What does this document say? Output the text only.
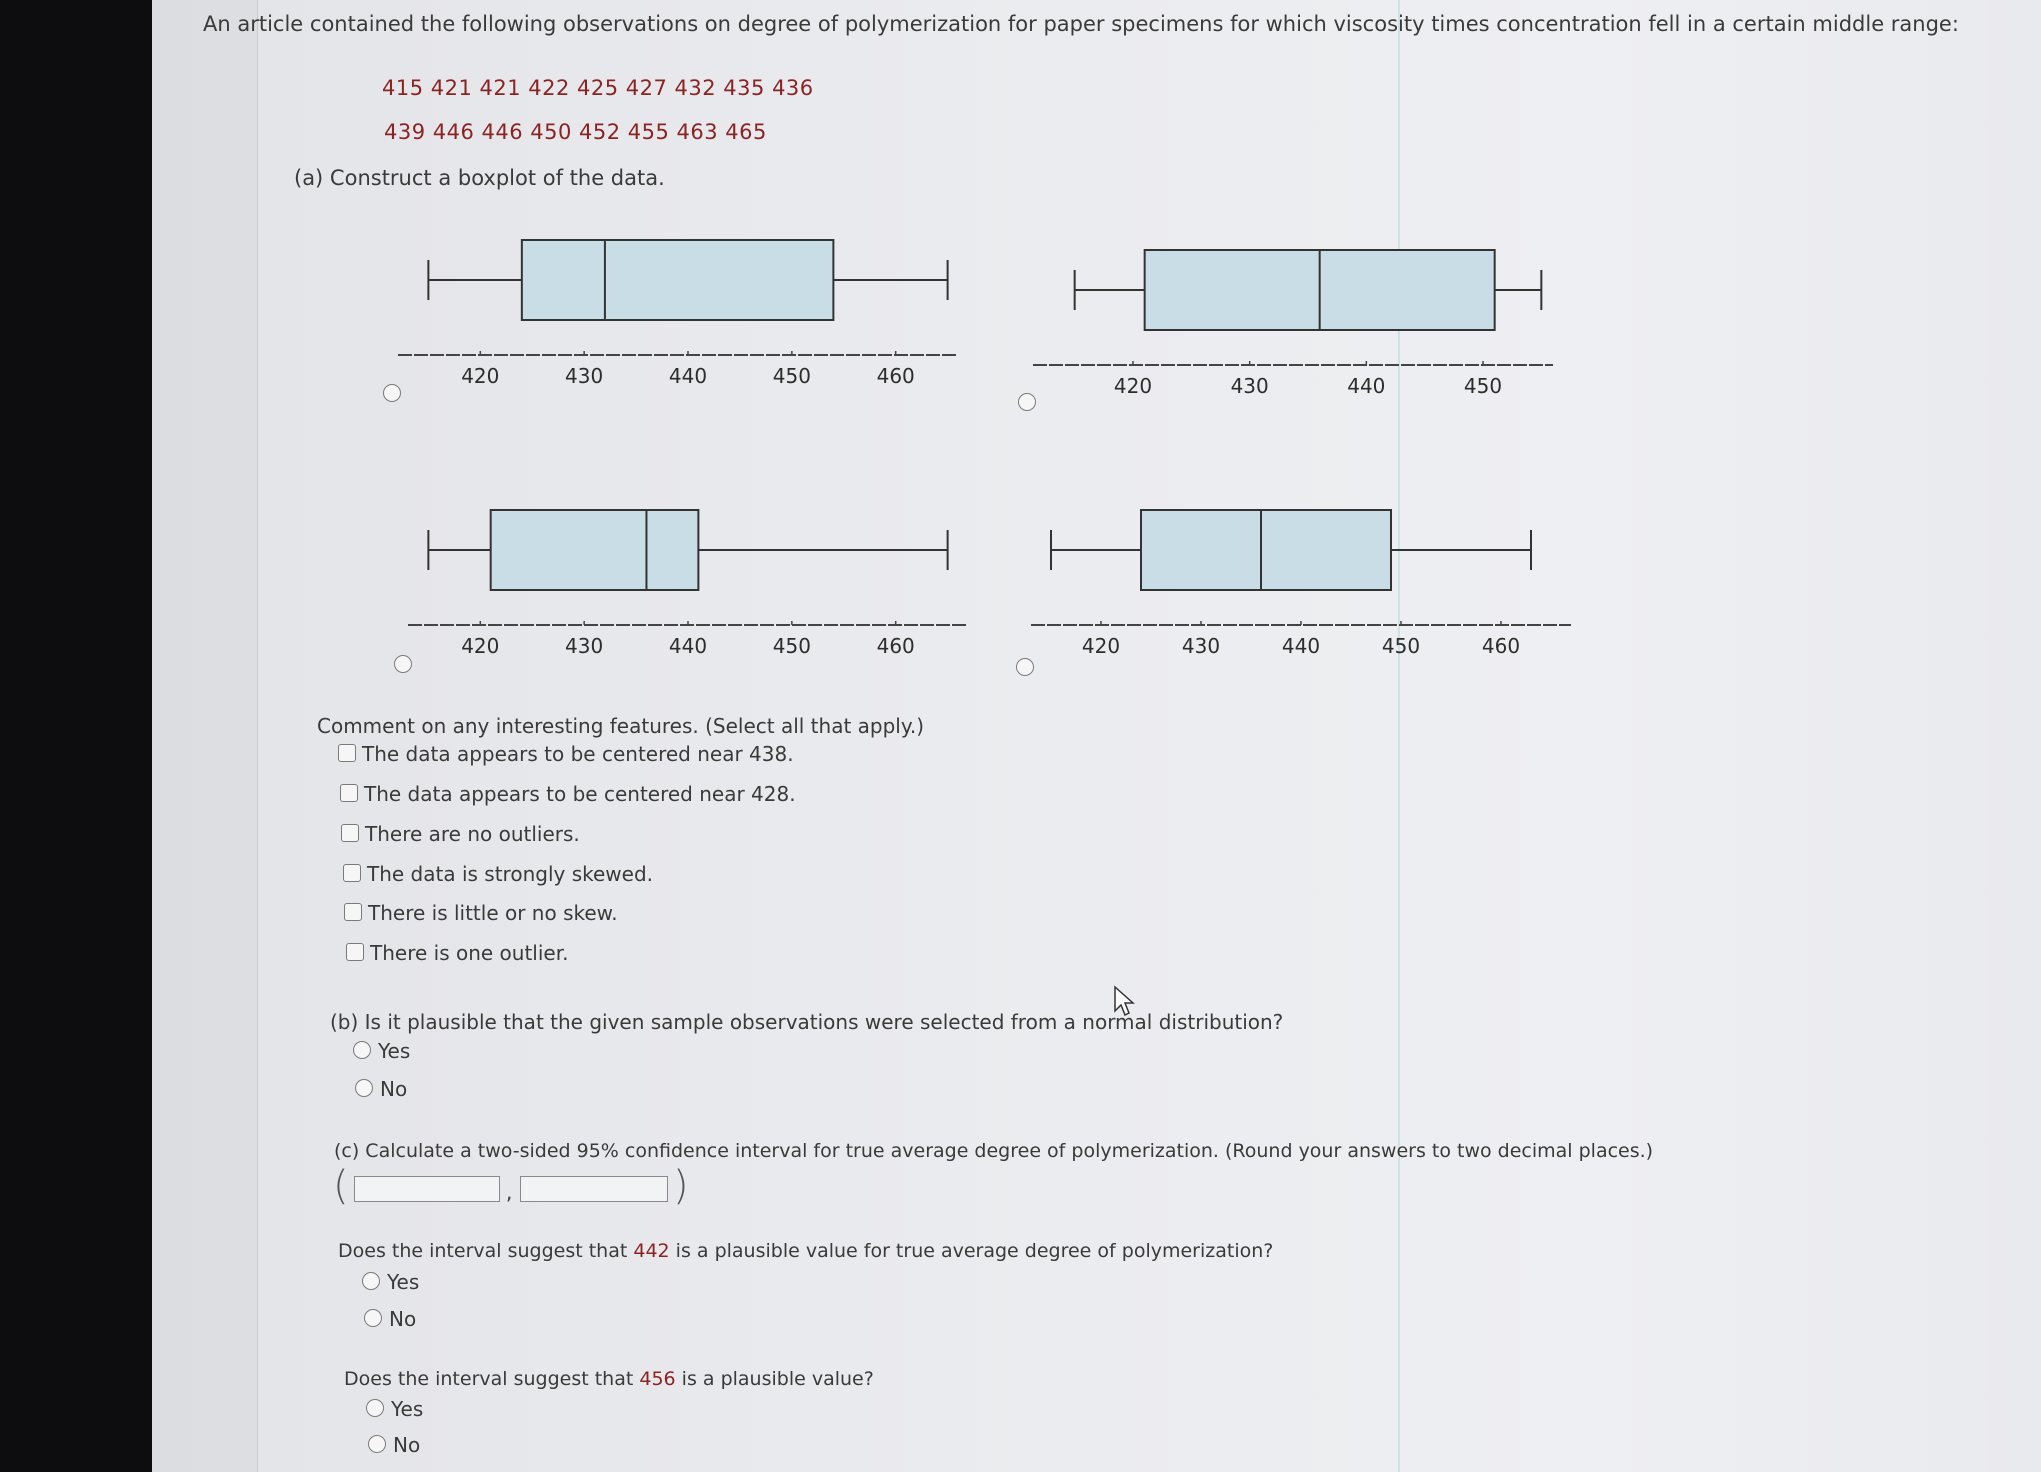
An article contained the following observations on degree of polymerization for paper specimens for which viscosity times concentration fell in a certain middle range:
415 421 421 422 425 427 432 435 436
439 446 446 450 452 455 463 465
(a) Construct a boxplot of the data.
420	430	440	450	460	420	430	440	450
420	430	440	450	460	420	430	440	450	460
Comment on any interesting features. (Select all that apply.)
The data appears to be centered near 438.
The data appears to be centered near 428.
There are no outliers.
The data is strongly skewed.
There is little or no skew.
There is one outlier.
(b) Is it plausible that the given sample observations were selected from a normal distribution?
Yes
No
(c) Calculate a two-sided 95% confidence interval for true average degree of polymerization. (Round your answers to two decimal places.)
(	,	)
Does the interval suggest that 442 is a plausible value for true average degree of polymerization?
Yes
No
Does the interval suggest that 456 is a plausible value?
Yes
No
